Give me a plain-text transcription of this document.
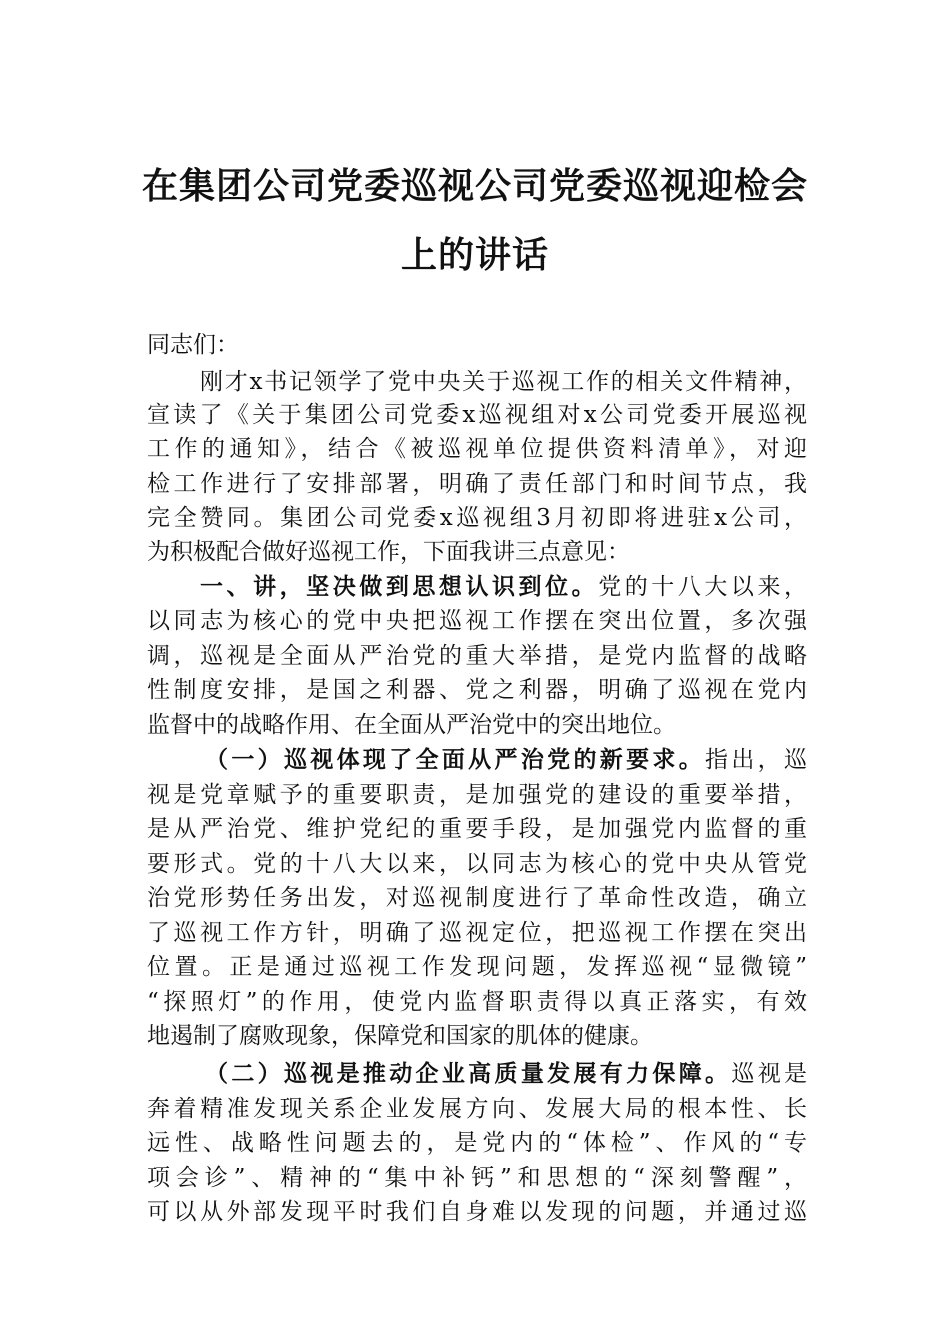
在集团公司党委巡视公司党委巡视迎检会
上的讲话
同志们：
刚才x书记领学了党中央关于巡视工作的相关文件精神，
宣读了《关于集团公司党委x巡视组对x公司党委开展巡视
工作的通知》，结合《被巡视单位提供资料清单》，对迎
检工作进行了安排部署，明确了责任部门和时间节点，我
完全赞同。集团公司党委x巡视组3月初即将进驻x公司，
为积极配合做好巡视工作，下面我讲三点意见：
一、讲，坚决做到思想认识到位。党的十八大以来，
以同志为核心的党中央把巡视工作摆在突出位置，多次强
调，巡视是全面从严治党的重大举措，是党内监督的战略
性制度安排，是国之利器、党之利器，明确了巡视在党内
监督中的战略作用、在全面从严治党中的突出地位。
（一）巡视体现了全面从严治党的新要求。指出，巡
视是党章赋予的重要职责，是加强党的建设的重要举措，
是从严治党、维护党纪的重要手段，是加强党内监督的重
要形式。党的十八大以来，以同志为核心的党中央从管党
治党形势任务出发，对巡视制度进行了革命性改造，确立
了巡视工作方针，明确了巡视定位，把巡视工作摆在突出
位置。正是通过巡视工作发现问题，发挥巡视“显微镜”
“探照灯”的作用，使党内监督职责得以真正落实，有效
地遏制了腐败现象，保障党和国家的肌体的健康。
（二）巡视是推动企业高质量发展有力保障。巡视是
奔着精准发现关系企业发展方向、发展大局的根本性、长
远性、战略性问题去的，是党内的“体检”、作风的“专
项会诊”、精神的“集中补钙”和思想的“深刻警醒”，
可以从外部发现平时我们自身难以发现的问题，并通过巡
